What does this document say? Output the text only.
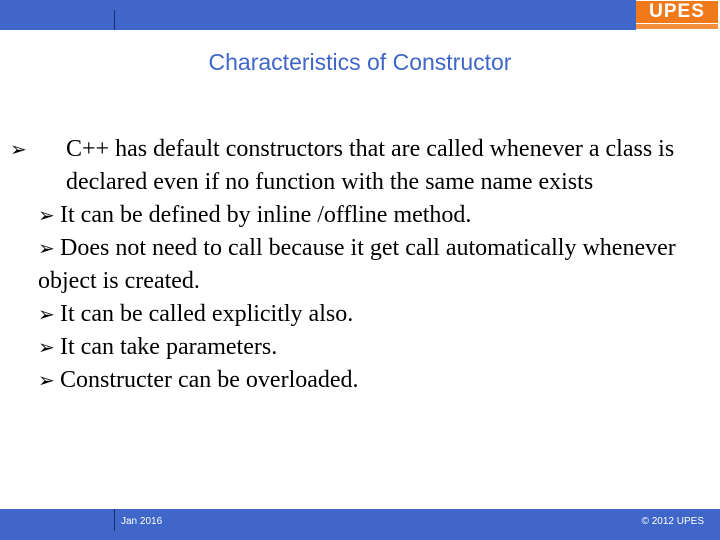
UPES
Characteristics of Constructor

➢ C++ has default constructors that are called whenever a class is declared even if no function with the same name exists

➢ It can be defined by inline /offline method.

➢ Does not need to call because it get call automatically whenever object is created.

➢ It can be called explicitly also.

➢ It can take parameters.

➢ Constructer can be overloaded.

Jan 2016	© 2012 UPES
